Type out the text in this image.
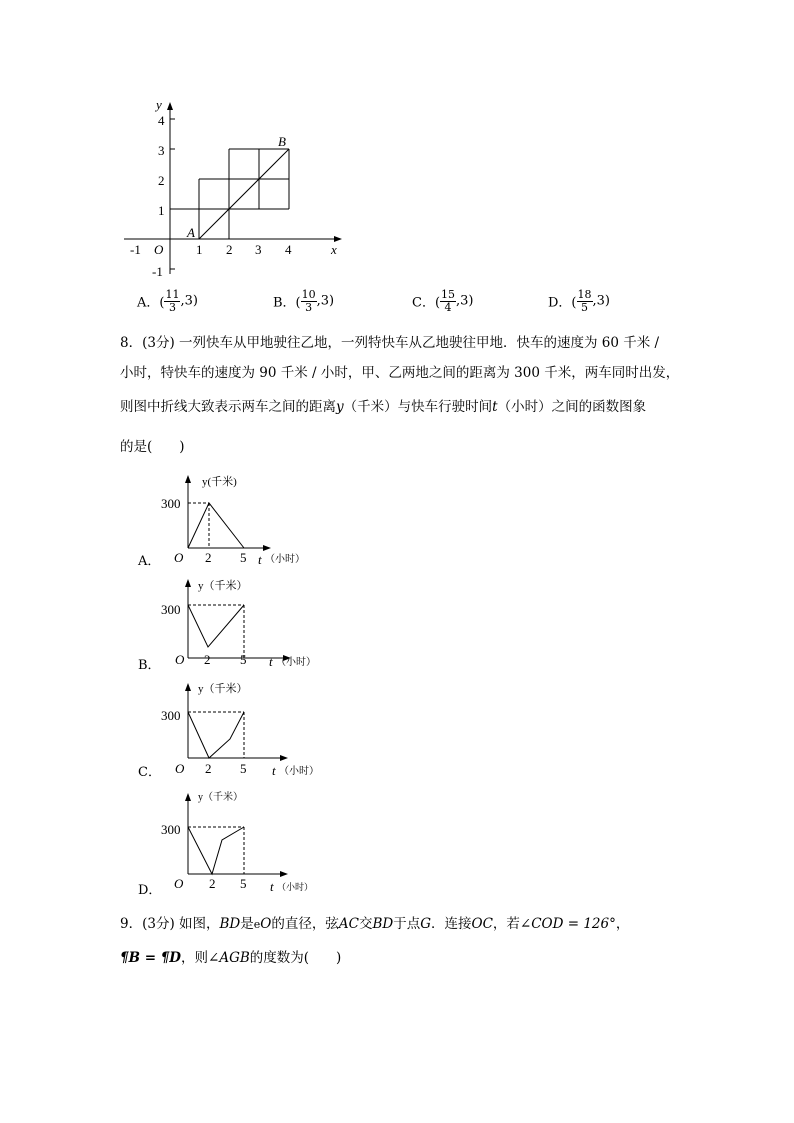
y
4
3
2
1
-1
O
-1	1 2 3 4	x
A
B
A．( $\frac{11}{3} ,3$)	B．( $\frac{10}{3} ,3$)	C．( $\frac{15}{4} ,3$)	D．( $\frac{18}{5} ,3$)
8．(3分) 一列快车从甲地驶往乙地，一列特快车从乙地驶往甲地．快车的速度为 60 千米 /
小时，特快车的速度为 90 千米 / 小时，甲、乙两地之间的距离为 300 千米，两车同时出发，
则图中折线大致表示两车之间的距离y（千米）与快车行驶时间t（小时）之间的函数图象
的是(　　)
A．
300
O 2 5 t （小时）
y(千米)
B．
300
O 2 5 t （小时）
y（千米）
C．
300
O 2 5 t （小时）
y（千米）
D．
300
O 2 5 t （小时）
y（千米）
9．(3分) 如图，BD是eO的直径，弦AC交BD于点G．连接OC，若∠COD = 126°，
¶B = ¶D，则∠AGB的度数为(　　)
